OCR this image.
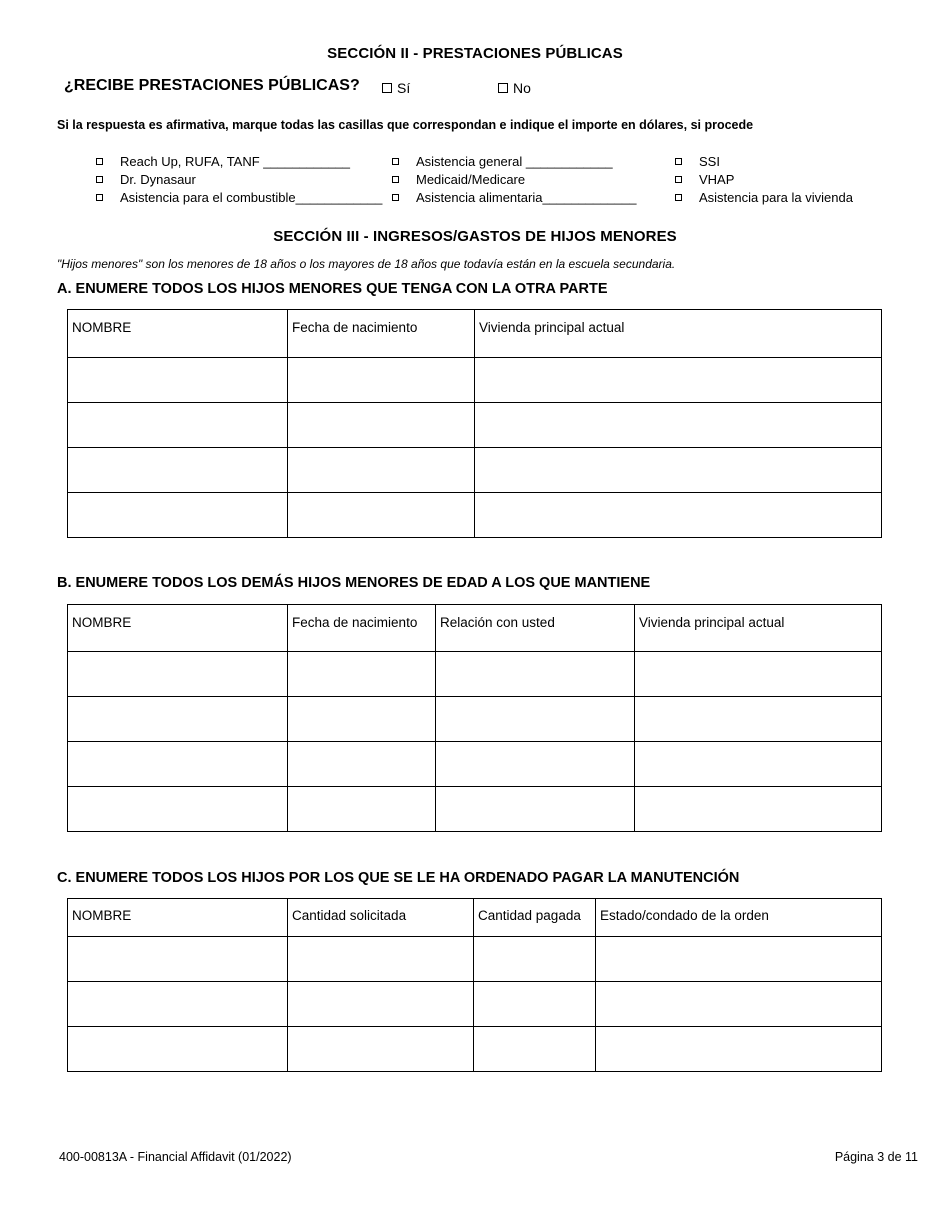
SECCIÓN II - PRESTACIONES PÚBLICAS
¿RECIBE PRESTACIONES PÚBLICAS?	Sí	No
Si la respuesta es afirmativa, marque todas las casillas que correspondan e indique el importe en dólares, si procede
Reach Up, RUFA, TANF ____________
Dr. Dynasaur
Asistencia para el combustible____________
Asistencia general ____________
Medicaid/Medicare
Asistencia alimentaria_____________
SSI
VHAP
Asistencia para la vivienda
SECCIÓN III - INGRESOS/GASTOS DE HIJOS MENORES
"Hijos menores" son los menores de 18 años o los mayores de 18 años que todavía están en la escuela secundaria.
A. ENUMERE TODOS LOS HIJOS MENORES QUE TENGA CON LA OTRA PARTE
NOMBRE	Fecha de nacimiento	Vivienda principal actual

B. ENUMERE TODOS LOS DEMÁS HIJOS MENORES DE EDAD A LOS QUE MANTIENE
NOMBRE	Fecha de nacimiento	Relación con usted	Vivienda principal actual

C. ENUMERE TODOS LOS HIJOS POR LOS QUE SE LE HA ORDENADO PAGAR LA MANUTENCIÓN
NOMBRE	Cantidad solicitada	Cantidad pagada	Estado/condado de la orden

400-00813A - Financial Affidavit (01/2022)	Página 3 de 11
